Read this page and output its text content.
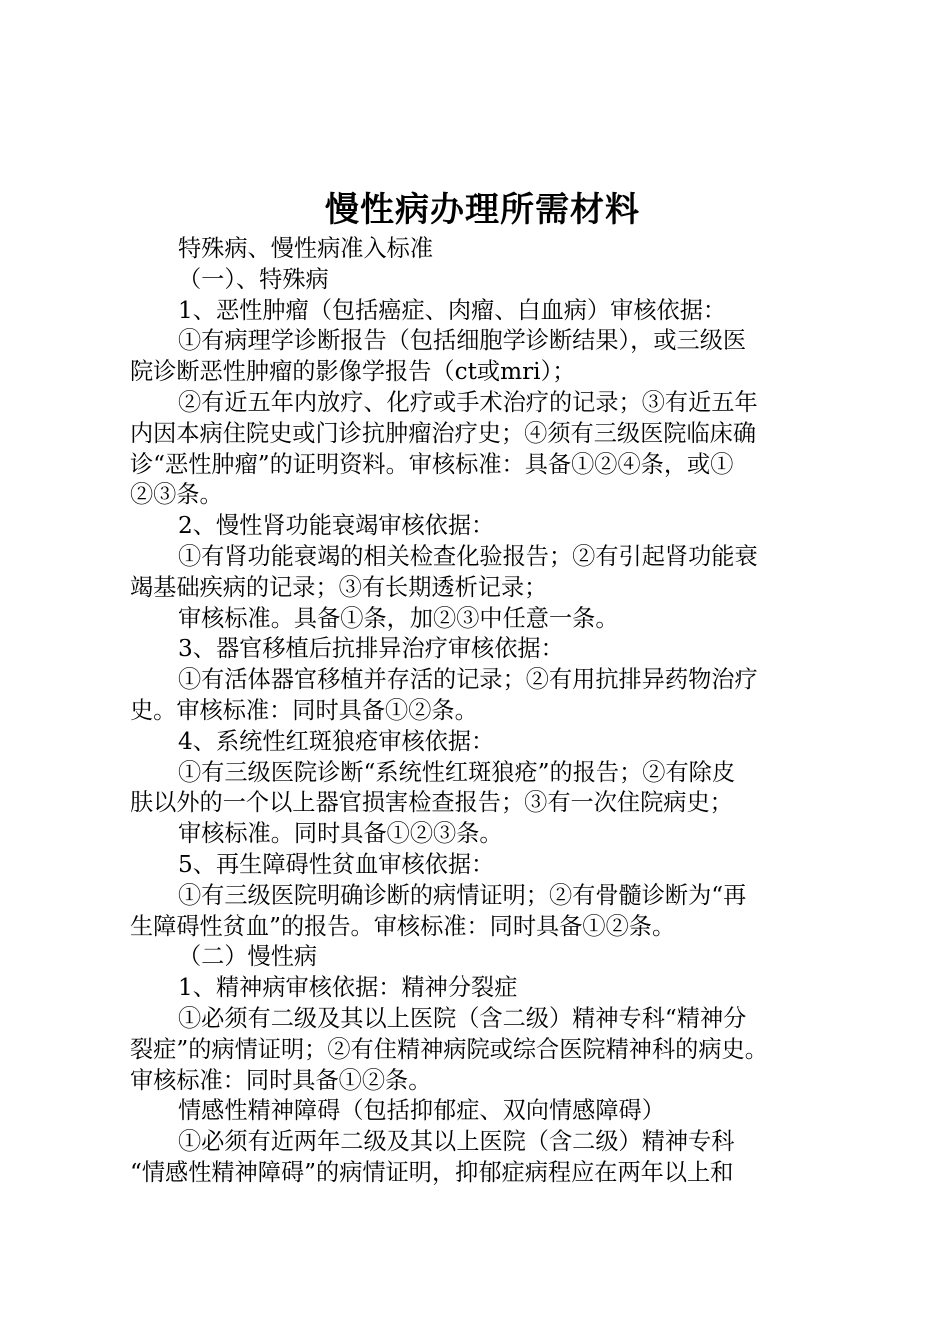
慢性病办理所需材料
特殊病、慢性病准入标准
（一）、特殊病
1、恶性肿瘤（包括癌症、肉瘤、白血病）审核依据：
①有病理学诊断报告（包括细胞学诊断结果），或三级医
院诊断恶性肿瘤的影像学报告（ct或mri）；
②有近五年内放疗、化疗或手术治疗的记录；③有近五年
内因本病住院史或门诊抗肿瘤治疗史；④须有三级医院临床确
诊“恶性肿瘤”的证明资料。审核标准：具备①②④条，或①
②③条。
2、慢性肾功能衰竭审核依据：
①有肾功能衰竭的相关检查化验报告；②有引起肾功能衰
竭基础疾病的记录；③有长期透析记录；
审核标准。具备①条，加②③中任意一条。
3、器官移植后抗排异治疗审核依据：
①有活体器官移植并存活的记录；②有用抗排异药物治疗
史。审核标准：同时具备①②条。
4、系统性红斑狼疮审核依据：
①有三级医院诊断“系统性红斑狼疮”的报告；②有除皮
肤以外的一个以上器官损害检查报告；③有一次住院病史；
审核标准。同时具备①②③条。
5、再生障碍性贫血审核依据：
①有三级医院明确诊断的病情证明；②有骨髓诊断为“再
生障碍性贫血”的报告。审核标准：同时具备①②条。
（二）慢性病
1、精神病审核依据：精神分裂症
①必须有二级及其以上医院（含二级）精神专科“精神分
裂症”的病情证明；②有住精神病院或综合医院精神科的病史。
审核标准：同时具备①②条。
情感性精神障碍（包括抑郁症、双向情感障碍）
①必须有近两年二级及其以上医院（含二级）精神专科
“情感性精神障碍”的病情证明，抑郁症病程应在两年以上和
